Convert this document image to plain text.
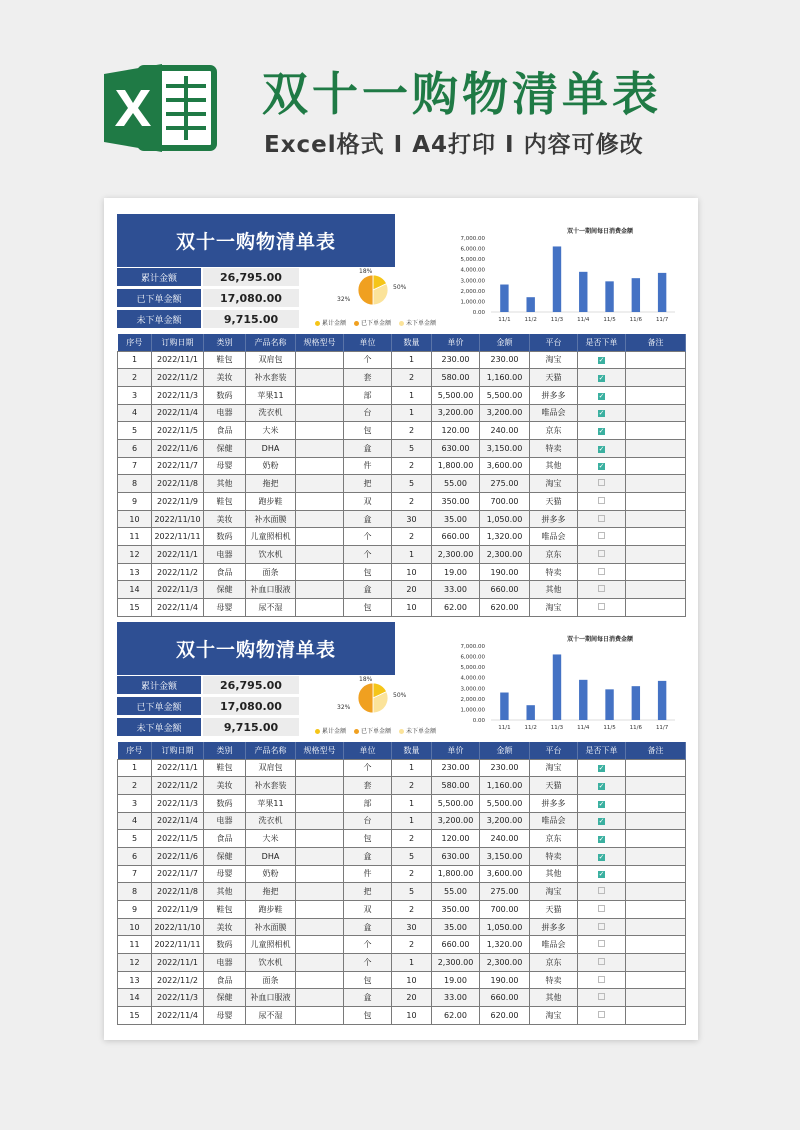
双十一购物清单表
Excel格式 I A4打印 I 内容可修改
双十一购物清单表
累计金额	26,795.00
已下单金额	17,080.00
未下单金额	9,715.00
18%
32%
50%
累计金额	已下单金额	未下单金额
双十一期间每日消费金额
0.00
1,000.00
2,000.00
3,000.00
4,000.00
5,000.00
6,000.00
7,000.00
11/1	11/2	11/3	11/4	11/5	11/6	11/7
序号	订购日期	类别	产品名称	规格型号	单位	数量	单价	金额	平台	是否下单	备注
1	2022/11/1	鞋包	双肩包		个	1	230.00	230.00	淘宝	✓	
2	2022/11/2	美妆	补水套装		套	2	580.00	1,160.00	天猫	✓	
3	2022/11/3	数码	苹果11		部	1	5,500.00	5,500.00	拼多多	✓	
4	2022/11/4	电器	洗衣机		台	1	3,200.00	3,200.00	唯品会	✓	
5	2022/11/5	食品	大米		包	2	120.00	240.00	京东	✓	
6	2022/11/6	保健	DHA		盒	5	630.00	3,150.00	特卖	✓	
7	2022/11/7	母婴	奶粉		件	2	1,800.00	3,600.00	其他	✓	
8	2022/11/8	其他	拖把		把	5	55.00	275.00	淘宝		
9	2022/11/9	鞋包	跑步鞋		双	2	350.00	700.00	天猫		
10	2022/11/10	美妆	补水面膜		盒	30	35.00	1,050.00	拼多多		
11	2022/11/11	数码	儿童照相机		个	2	660.00	1,320.00	唯品会		
12	2022/11/1	电器	饮水机		个	1	2,300.00	2,300.00	京东		
13	2022/11/2	食品	面条		包	10	19.00	190.00	特卖		
14	2022/11/3	保健	补血口服液		盒	20	33.00	660.00	其他		
15	2022/11/4	母婴	尿不湿		包	10	62.00	620.00	淘宝		
双十一购物清单表
累计金额	26,795.00
已下单金额	17,080.00
未下单金额	9,715.00
18%
32%
50%
累计金额	已下单金额	未下单金额
双十一期间每日消费金额
0.00
1,000.00
2,000.00
3,000.00
4,000.00
5,000.00
6,000.00
7,000.00
11/1	11/2	11/3	11/4	11/5	11/6	11/7
序号	订购日期	类别	产品名称	规格型号	单位	数量	单价	金额	平台	是否下单	备注
1	2022/11/1	鞋包	双肩包		个	1	230.00	230.00	淘宝	✓	
2	2022/11/2	美妆	补水套装		套	2	580.00	1,160.00	天猫	✓	
3	2022/11/3	数码	苹果11		部	1	5,500.00	5,500.00	拼多多	✓	
4	2022/11/4	电器	洗衣机		台	1	3,200.00	3,200.00	唯品会	✓	
5	2022/11/5	食品	大米		包	2	120.00	240.00	京东	✓	
6	2022/11/6	保健	DHA		盒	5	630.00	3,150.00	特卖	✓	
7	2022/11/7	母婴	奶粉		件	2	1,800.00	3,600.00	其他	✓	
8	2022/11/8	其他	拖把		把	5	55.00	275.00	淘宝		
9	2022/11/9	鞋包	跑步鞋		双	2	350.00	700.00	天猫		
10	2022/11/10	美妆	补水面膜		盒	30	35.00	1,050.00	拼多多		
11	2022/11/11	数码	儿童照相机		个	2	660.00	1,320.00	唯品会		
12	2022/11/1	电器	饮水机		个	1	2,300.00	2,300.00	京东		
13	2022/11/2	食品	面条		包	10	19.00	190.00	特卖		
14	2022/11/3	保健	补血口服液		盒	20	33.00	660.00	其他		
15	2022/11/4	母婴	尿不湿		包	10	62.00	620.00	淘宝		
